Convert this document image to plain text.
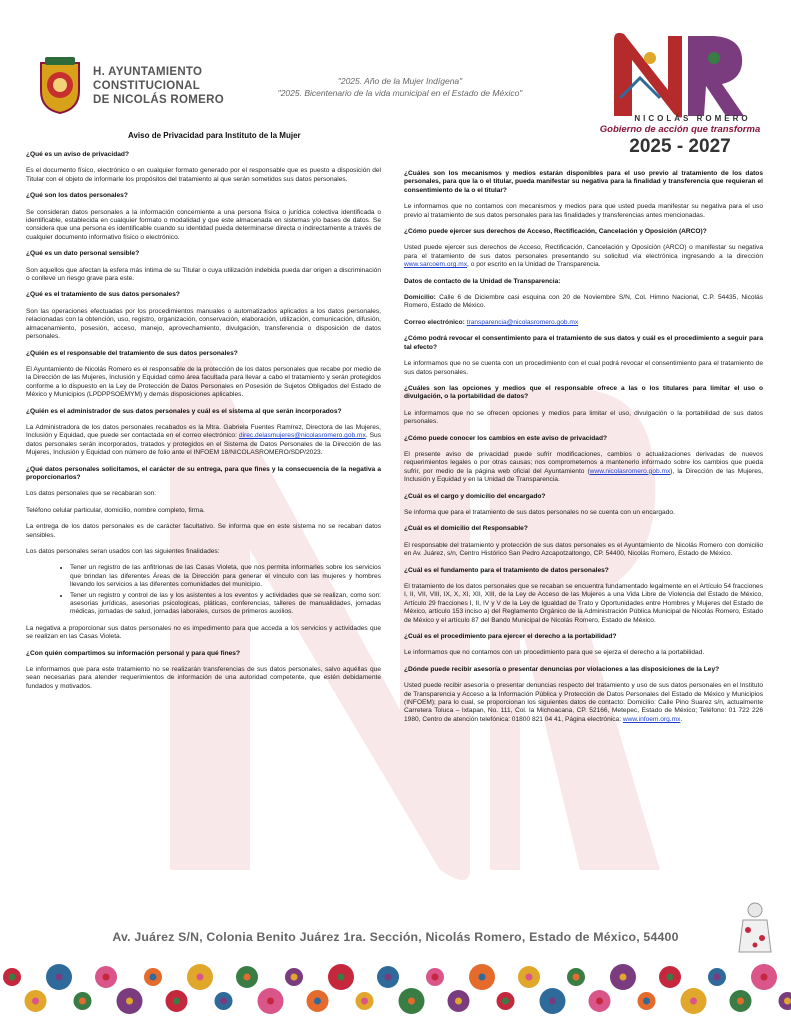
H. AYUNTAMIENTO
CONSTITUCIONAL
DE NICOLÁS ROMERO
"2025. Año de la Mujer Indígena"
"2025. Bicentenario de la vida municipal en el Estado de México"
NICOLÁS ROMERO
Gobierno de acción que transforma
2025 - 2027
Aviso de Privacidad para Instituto de la Mujer

¿Qué es un aviso de privacidad?

Es el documento físico, electrónico o en cualquier formato generado por el responsable que es puesto a disposición del Titular con el objeto de informarle los propósitos del tratamiento al que serán sometidos sus datos personales.

¿Qué son los datos personales?

Se consideran datos personales a la información concerniente a una persona física o jurídica colectiva identificada o identificable, establecida en cualquier formato o modalidad y que este almacenada en sistemas y/o bases de datos. Se considera que una persona es identificable cuando su identidad pueda determinarse directa o indirectamente a través de cualquier documento informativo físico o electrónico.

¿Qué es un dato personal sensible?

Son aquellos que afectan la esfera más íntima de su Titular o cuya utilización indebida pueda dar origen a discriminación o conlleve un riesgo grave para este.

¿Qué es el tratamiento de sus datos personales?

Son las operaciones efectuadas por los procedimientos manuales o automatizados aplicados a los datos personales, relacionadas con la obtención, uso, registro, organización, conservación, elaboración, utilización, comunicación, difusión, almacenamiento, posesión, acceso, manejo, aprovechamiento, divulgación, transferencia o disposición de datos personales.

¿Quién es el responsable del tratamiento de sus datos personales?

El Ayuntamiento de Nicolás Romero es el responsable de la protección de los datos personales que recabe por medio de la Dirección de las Mujeres, Inclusión y Equidad como área facultada para llevar a cabo el tratamiento y serán protegidos conforme a lo dispuesto en la Ley de Protección de Datos Personales en Posesión de Sujetos Obligados del Estado de México y Municipios (LPDPPSOEMYM) y demás disposiciones aplicables.

¿Quién es el administrador de sus datos personales y cuál es el sistema al que serán incorporados?

La Administradora de los datos personales recabados es la Mtra. Gabriela Fuentes Ramírez, Directora de las Mujeres, Inclusión y Equidad, que puede ser contactada en el correo electrónico: direc.delasmujeres@nicolasromero.gob.mx. Sus datos personales serán incorporados, tratados y protegidos en el Sistema de Datos Personales de la Dirección de las Mujeres, Inclusión y Equidad con número de folio ante el INFOEM 18/NICOLASROMERO/SDP/2023.

¿Qué datos personales solicitamos, el carácter de su entrega, para que fines y la consecuencia de la negativa a proporcionarlos?

Los datos personales que se recabaran son:

Teléfono celular particular, domicilio, nombre completo, firma.

La entrega de los datos personales es de carácter facultativo. Se informa que en este sistema no se recaban datos sensibles.

Los datos personales seran usados con las siguientes finalidades:

• Tener un registro de las anfitrionas de las Casas Violeta, que nos permita informarles sobre los servicios que brindan las diferentes Áreas de la Dirección para generar el vínculo con las mujeres y hombres llevando los servicios a las diferentes comunidades del municipio.
• Tener un registro y control de las y los asistentes a los eventos y actividades que se realizan, como son: asesorias jurídicas, asesorias psicologicas, pláticas, conferencias, talleres de manualidades, jornadas médicas, jornadas de salud, jornadas laborales, cursos de primeros auxilios.

La negativa a proporcionar sus datos personales no es impedimento para que acceda a los servicios y actividades que se realizan en las Casas Violeta.

¿Con quién compartimos su información personal y para qué fines?

Le informamos que para este tratamiento no se realizarán transferencias de sus datos personales, salvo aquéllas que sean necesarias para atender requerimientos de información de una autoridad competente, que estén debidamente fundados y motivados.

¿Cuáles son los mecanismos y medios estarán disponibles para el uso previo al tratamiento de los datos personales, para que la o el titular, pueda manifestar su negativa para la finalidad y transferencia que requieran el consentimiento de la o el titular?

Le informamos que no contamos con mecanismos y medios para que usted pueda manifestar su negativa para el uso previo al tratamiento de sus datos personales para las finalidades y transferencias antes mencionadas.

¿Cómo puede ejercer sus derechos de Acceso, Rectificación, Cancelación y Oposición (ARCO)?

Usted puede ejercer sus derechos de Acceso, Rectificación, Cancelación y Oposición (ARCO) o manifestar su negativa para el tratamiento de sus datos personales presentando su solicitud vía electrónica ingresando a la dirección www.sarcoem.org.mx, o por escrito en la Unidad de Transparencia.

Datos de contacto de la Unidad de Transparencia:

Domicilio: Calle 6 de Diciembre casi esquina con 20 de Noviembre S/N, Col. Himno Nacional, C.P. 54435, Nicolás Romero, Estado de México.

Correo electrónico: transparencia@nicolasromero.gob.mx

¿Cómo podrá revocar el consentimiento para el tratamiento de sus datos y cuál es el procedimiento a seguir para tal efecto?

Le informamos que no se cuenta con un procedimiento con el cual podrá revocar el consentimiento para el tratamiento de sus datos personales.

¿Cuáles son las opciones y medios que el responsable ofrece a las o los titulares para limitar el uso o divulgación, o la portabilidad de datos?

Le informamos que no se ofrecen opciones y medios para limitar el uso, divulgación o la portabilidad de sus datos personales.

¿Cómo puede conocer los cambios en este aviso de privacidad?

El presente aviso de privacidad puede sufrir modificaciones, cambios o actualizaciones derivadas de nuevos requerimientos legales o por otras causas; nos comprometemos a mantenerlo informado sobre los cambios que pueda sufrir, por medio de la página web oficial del Ayuntamiento (www.nicolasromero.gob.mx), la Dirección de las Mujeres, Inclusión y Equidad y en la Unidad de Transparencia.

¿Cuál es el cargo y domicilio del encargado?

Se informa que para el tratamiento de sus datos personales no se cuenta con un encargado.

¿Cuál es el domicilio del Responsable?

El responsable del tratamiento y protección de sus datos personales es el Ayuntamiento de Nicolás Romero con domicilio en Av. Juárez, s/n, Centro Histórico San Pedro Azcapotzaltongo, CP. 54400, Nicolás Romero, Estado de México.

¿Cuál es el fundamento para el tratamiento de datos personales?

El tratamiento de los datos personales que se recaban se encuentra fundamentado legalmente en el Artículo 54 fracciones I, II, VII, VIII, IX, X, XI, XII, XIII, de la Ley de Acceso de las Mujeres a una Vida Libre de Violencia del Estado de México, Artículo 29 fracciones I, II, IV y V de la Ley de Igualdad de Trato y Oportunidades entre Hombres y Mujeres del Estado de México, artículo 153 inciso a) del Reglamento Orgánico de la Administración Pública Municipal de Nicolás Romero, Estado de México y el artículo 87 del Bando Municipal de Nicolás Romero, Estado de México.

¿Cuál es el procedimiento para ejercer el derecho a la portabilidad?

Le informamos que no contamos con un procedimiento para que se ejerza el derecho a la portabilidad.

¿Dónde puede recibir asesoría o presentar denuncias por violaciones a las disposiciones de la Ley?

Usted puede recibir asesoría o presentar denuncias respecto del tratamiento y uso de sus datos personales en el Instituto de Transparencia y Acceso a la Información Pública y Protección de Datos Personales del Estado de México y Municipios (INFOEM); para lo cual, se proporcionan los siguientes datos de contacto: Domicilio: Calle Pino Suarez s/n, actualmente Carretera Toluca – Ixtapan, No. 111, Col. la Michoacana, CP. 52166, Metepec, Estado de México; Teléfono: 01 722 226 1980, Centro de atención telefónica: 01800 821 04 41, Página electrónica: www.infoem.org.mx.

Av. Juárez S/N, Colonia Benito Juárez 1ra. Sección, Nicolás Romero, Estado de México, 54400
